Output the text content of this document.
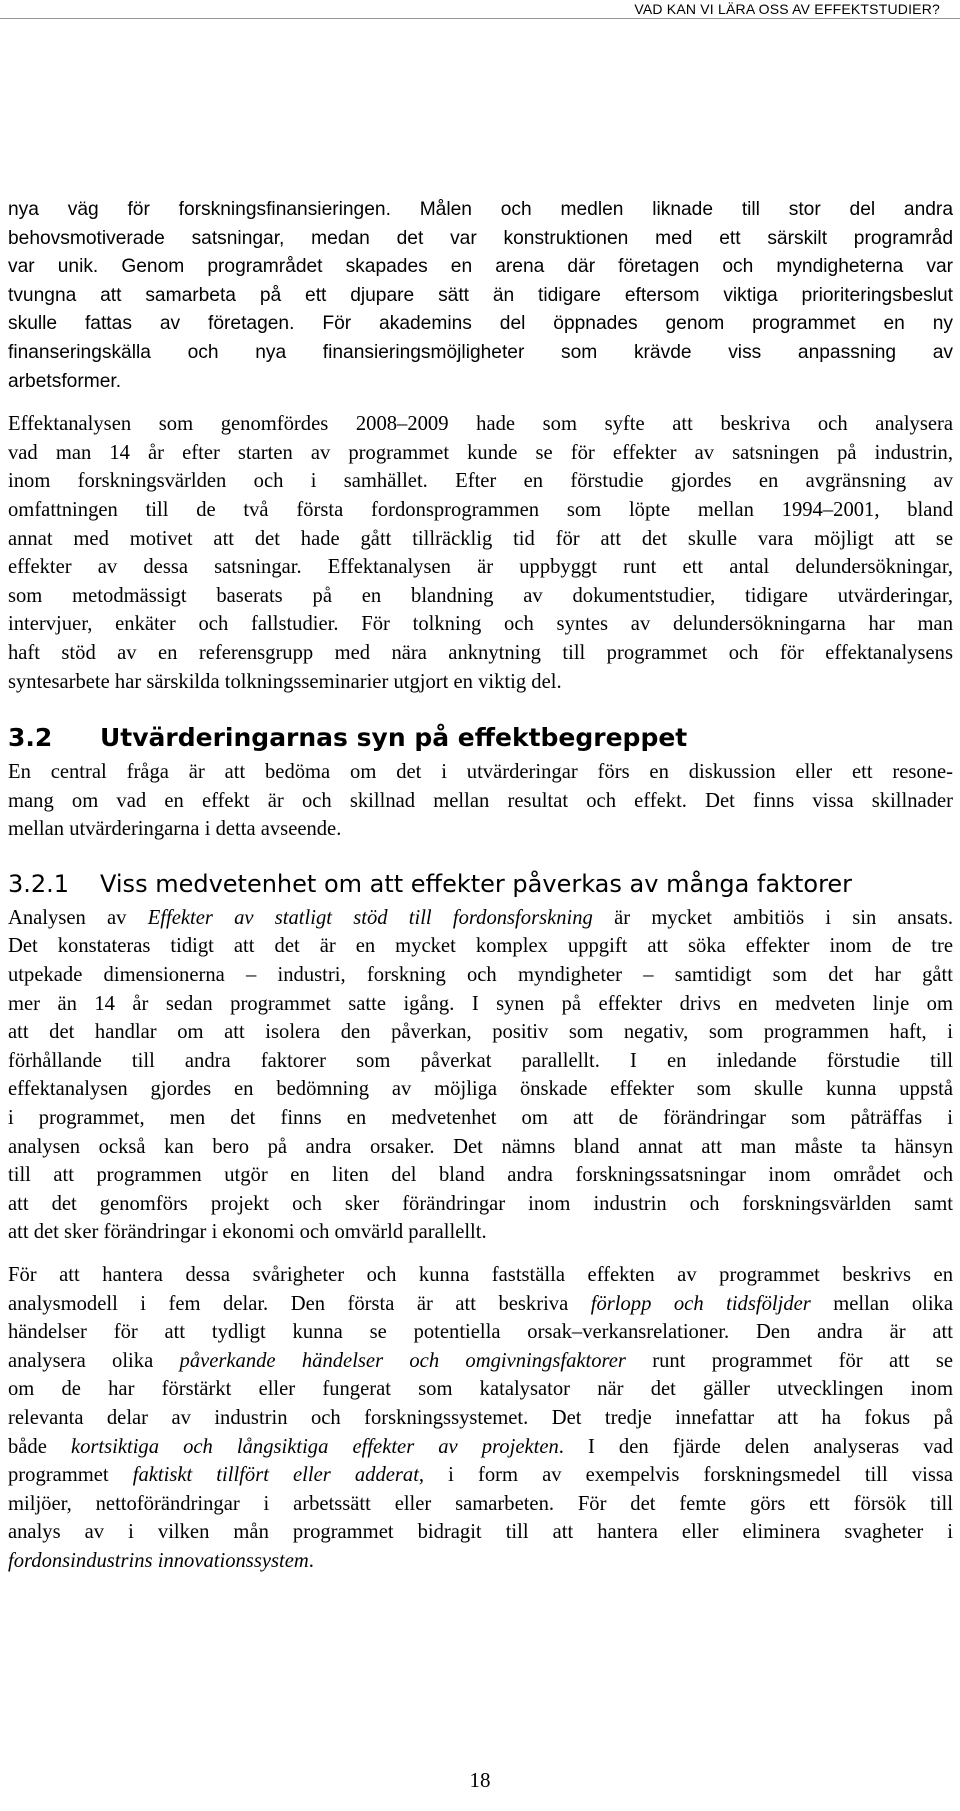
VAD KAN VI LÄRA OSS AV EFFEKTSTUDIER?
nya väg för forskningsfinansieringen. Målen och medlen liknade till stor del andra
behovsmotiverade satsningar, medan det var konstruktionen med ett särskilt programråd
var unik. Genom programrådet skapades en arena där företagen och myndigheterna var
tvungna att samarbeta på ett djupare sätt än tidigare eftersom viktiga prioriteringsbeslut
skulle fattas av företagen. För akademins del öppnades genom programmet en ny
finanseringskälla och nya finansieringsmöjligheter som krävde viss anpassning av
arbetsformer.
Effektanalysen som genomfördes 2008–2009 hade som syfte att beskriva och analysera
vad man 14 år efter starten av programmet kunde se för effekter av satsningen på industrin,
inom forskningsvärlden och i samhället. Efter en förstudie gjordes en avgränsning av
omfattningen till de två första fordonsprogrammen som löpte mellan 1994–2001, bland
annat med motivet att det hade gått tillräcklig tid för att det skulle vara möjligt att se
effekter av dessa satsningar. Effektanalysen är uppbyggt runt ett antal delundersökningar,
som metodmässigt baserats på en blandning av dokumentstudier, tidigare utvärderingar,
intervjuer, enkäter och fallstudier. För tolkning och syntes av delundersökningarna har man
haft stöd av en referensgrupp med nära anknytning till programmet och för effektanalysens
syntesarbete har särskilda tolkningsseminarier utgjort en viktig del.
3.2 Utvärderingarnas syn på effektbegreppet
En central fråga är att bedöma om det i utvärderingar förs en diskussion eller ett resone-
mang om vad en effekt är och skillnad mellan resultat och effekt. Det finns vissa skillnader
mellan utvärderingarna i detta avseende.
3.2.1 Viss medvetenhet om att effekter påverkas av många faktorer
Analysen av Effekter av statligt stöd till fordonsforskning är mycket ambitiös i sin ansats.
Det konstateras tidigt att det är en mycket komplex uppgift att söka effekter inom de tre
utpekade dimensionerna – industri, forskning och myndigheter – samtidigt som det har gått
mer än 14 år sedan programmet satte igång. I synen på effekter drivs en medveten linje om
att det handlar om att isolera den påverkan, positiv som negativ, som programmen haft, i
förhållande till andra faktorer som påverkat parallellt. I en inledande förstudie till
effektanalysen gjordes en bedömning av möjliga önskade effekter som skulle kunna uppstå
i programmet, men det finns en medvetenhet om att de förändringar som påträffas i
analysen också kan bero på andra orsaker. Det nämns bland annat att man måste ta hänsyn
till att programmen utgör en liten del bland andra forskningssatsningar inom området och
att det genomförs projekt och sker förändringar inom industrin och forskningsvärlden samt
att det sker förändringar i ekonomi och omvärld parallellt.
För att hantera dessa svårigheter och kunna fastställa effekten av programmet beskrivs en
analysmodell i fem delar. Den första är att beskriva förlopp och tidsföljder mellan olika
händelser för att tydligt kunna se potentiella orsak–verkansrelationer. Den andra är att
analysera olika påverkande händelser och omgivningsfaktorer runt programmet för att se
om de har förstärkt eller fungerat som katalysator när det gäller utvecklingen inom
relevanta delar av industrin och forskningssystemet. Det tredje innefattar att ha fokus på
både kortsiktiga och långsiktiga effekter av projekten. I den fjärde delen analyseras vad
programmet faktiskt tillfört eller adderat, i form av exempelvis forskningsmedel till vissa
miljöer, nettoförändringar i arbetssätt eller samarbeten. För det femte görs ett försök till
analys av i vilken mån programmet bidragit till att hantera eller eliminera svagheter i
fordonsindustrins innovationssystem.
18
